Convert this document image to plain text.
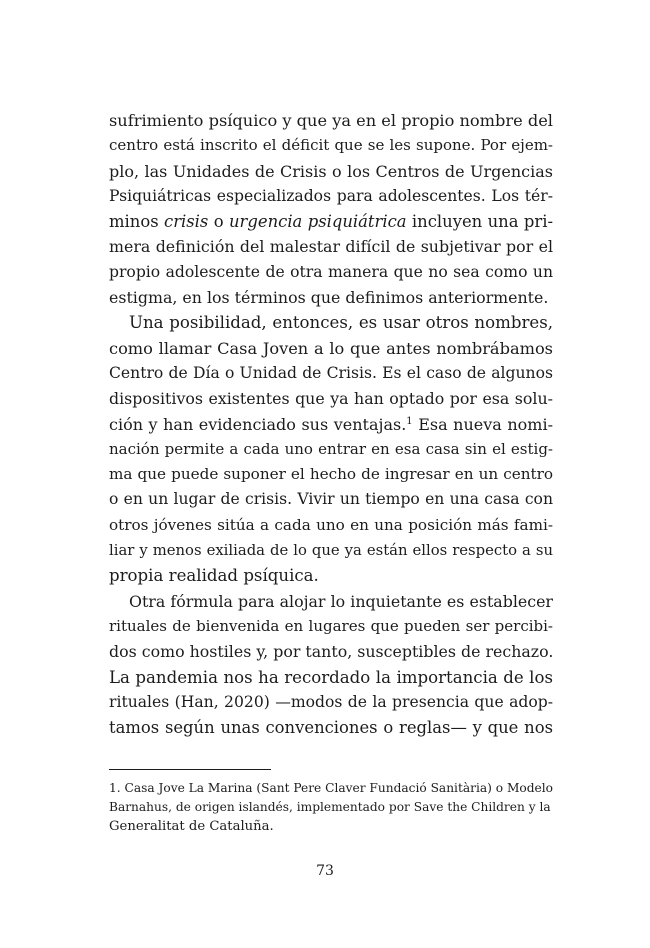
sufrimiento psíquico y que ya en el propio nombre del
centro está inscrito el déficit que se les supone. Por ejem-
plo, las Unidades de Crisis o los Centros de Urgencias
Psiquiátricas especializados para adolescentes. Los tér-
minos crisis o urgencia psiquiátrica incluyen una pri-
mera definición del malestar difícil de subjetivar por el
propio adolescente de otra manera que no sea como un
estigma, en los términos que definimos anteriormente.
Una posibilidad, entonces, es usar otros nombres,
como llamar Casa Joven a lo que antes nombrábamos
Centro de Día o Unidad de Crisis. Es el caso de algunos
dispositivos existentes que ya han optado por esa solu-
ción y han evidenciado sus ventajas.$^1$ Esa nueva nomi-
nación permite a cada uno entrar en esa casa sin el estig-
ma que puede suponer el hecho de ingresar en un centro
o en un lugar de crisis. Vivir un tiempo en una casa con
otros jóvenes sitúa a cada uno en una posición más fami-
liar y menos exiliada de lo que ya están ellos respecto a su
propia realidad psíquica.
Otra fórmula para alojar lo inquietante es establecer
rituales de bienvenida en lugares que pueden ser percibi-
dos como hostiles y, por tanto, susceptibles de rechazo.
La pandemia nos ha recordado la importancia de los
rituales (Han, 2020) —modos de la presencia que adop-
tamos según unas convenciones o reglas— y que nos
1. Casa Jove La Marina (Sant Pere Claver Fundació Sanitària) o Modelo
Barnahus, de origen islandés, implementado por Save the Children y la
Generalitat de Cataluña.
73
